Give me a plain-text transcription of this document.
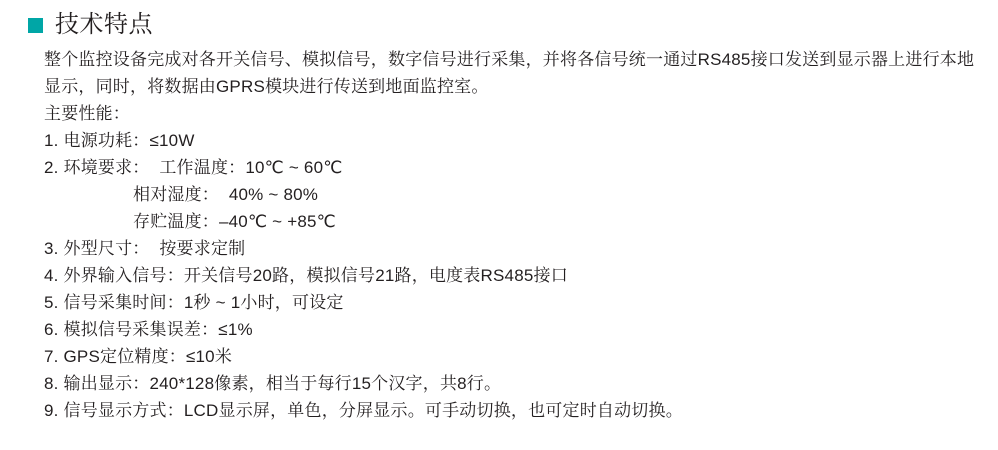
技术特点
整个监控设备完成对各开关信号、模拟信号，数字信号进行采集，并将各信号统一通过RS485接口发送到显示器上进行本地显示，同时，将数据由GPRS模块进行传送到地面监控室。
主要性能：
1. 电源功耗：≤10W
2. 环境要求：  工作温度：10℃ ~ 60℃
相对湿度：  40% ~ 80%
存贮温度：–40℃ ~ +85℃
3. 外型尺寸：  按要求定制
4. 外界输入信号：开关信号20路，模拟信号21路，电度表RS485接口
5. 信号采集时间：1秒 ~ 1小时，可设定
6. 模拟信号采集误差：≤1%
7. GPS定位精度：≤10米
8. 输出显示：240*128像素，相当于每行15个汉字，共8行。
9. 信号显示方式：LCD显示屏，单色，分屏显示。可手动切换，也可定时自动切换。
